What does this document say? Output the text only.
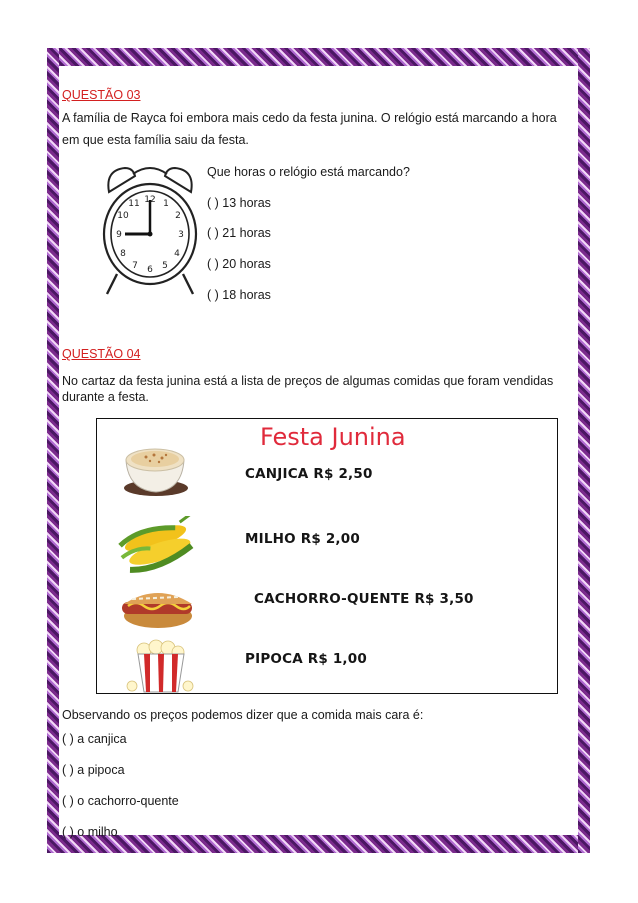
QUESTÃO 03
A família de Rayca foi embora mais cedo da festa junina. O relógio está marcando a hora
em que esta família saiu da festa.
Que horas o relógio está marcando?
( ) 13 horas
( ) 21 horas
( ) 20 horas
( ) 18 horas
12 1
2
3
4
5
6
7
8
9
10
11
QUESTÃO 04
No cartaz da festa junina está a lista de preços de algumas comidas que foram vendidas
durante a festa.
Festa Junina
CANJICA R$ 2,50
MILHO R$ 2,00
CACHORRO-QUENTE R$ 3,50
PIPOCA R$ 1,00
Observando os preços podemos dizer que a comida mais cara é:
( ) a canjica
( ) a pipoca
( ) o cachorro-quente
( ) o milho
